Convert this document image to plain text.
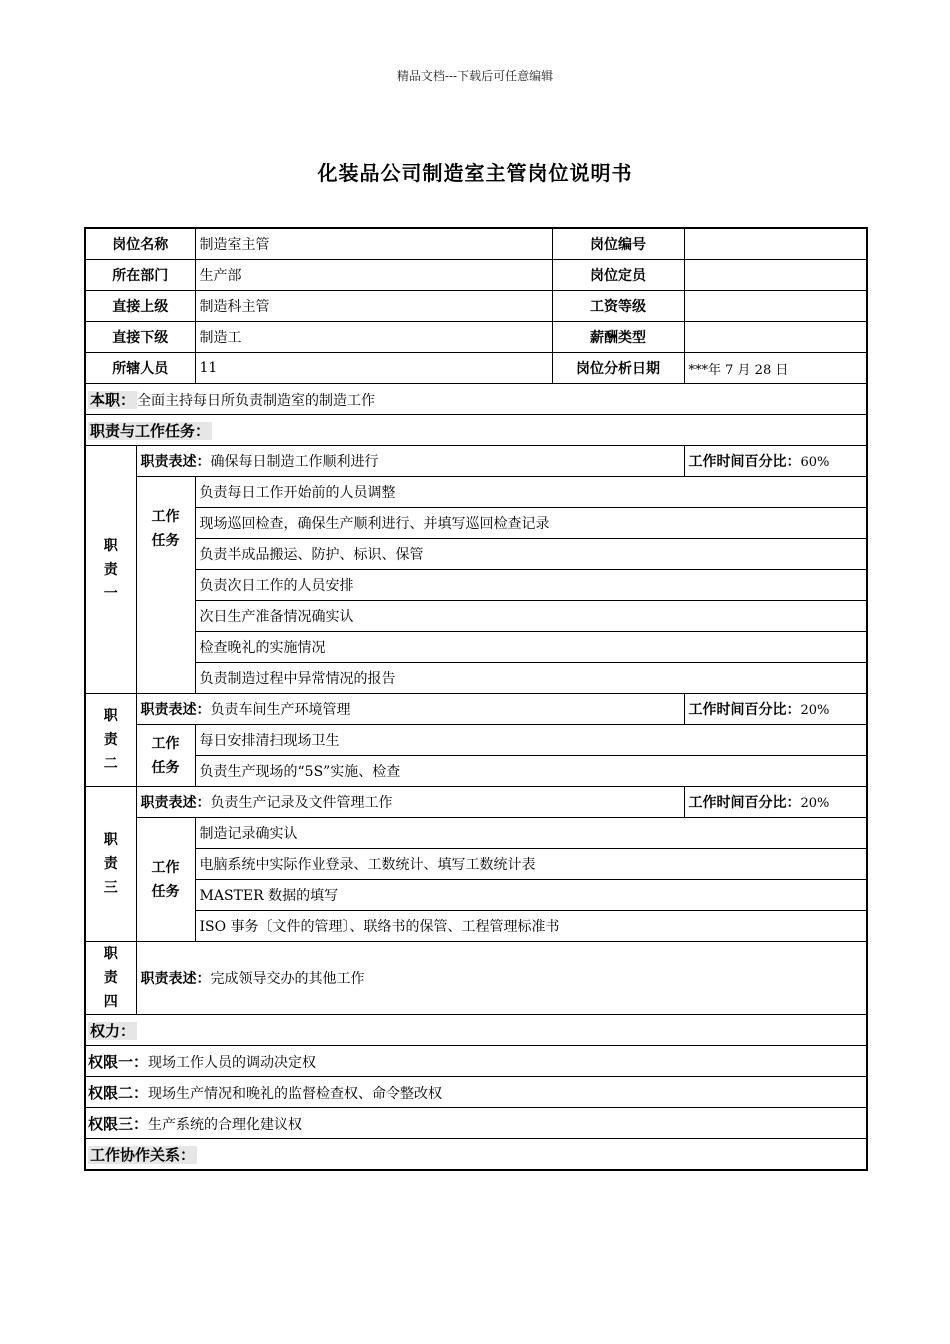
精品文档---下载后可任意编辑
化装品公司制造室主管岗位说明书
岗位名称		制造室主管	岗位编号	
所在部门		生产部	岗位定员	
直接上级		制造科主管	工资等级	
直接下级		制造工	薪酬类型	
所辖人员		11	岗位分析日期	***年 7 月 28 日
本职： 全面主持每日所负责制造室的制造工作				
职责与工作任务：				
职责一	职责表述：确保每日制造工作顺利进行			工作时间百分比：60%
	工作任务	负责每日工作开始前的人员调整		
		现场巡回检查，确保生产顺利进行、并填写巡回检查记录		
		负责半成品搬运、防护、标识、保管		
		负责次日工作的人员安排		
		次日生产准备情况确实认		
		检查晚礼的实施情况		
		负责制造过程中异常情况的报告		
职责二	职责表述：负责车间生产环境管理			工作时间百分比：20%
	工作任务	每日安排清扫现场卫生		
		负责生产现场的“5S”实施、检查		
职责三	职责表述：负责生产记录及文件管理工作			工作时间百分比：20%
	工作任务	制造记录确实认		
		电脑系统中实际作业登录、工数统计、填写工数统计表		
		MASTER 数据的填写		
		ISO 事务〔文件的管理〕、联络书的保管、工程管理标准书		
职责四	职责表述：完成领导交办的其他工作			
权力：				
权限一：现场工作人员的调动决定权				
权限二：现场生产情况和晚礼的监督检查权、命令整改权				
权限三：生产系统的合理化建议权				
工作协作关系：				
